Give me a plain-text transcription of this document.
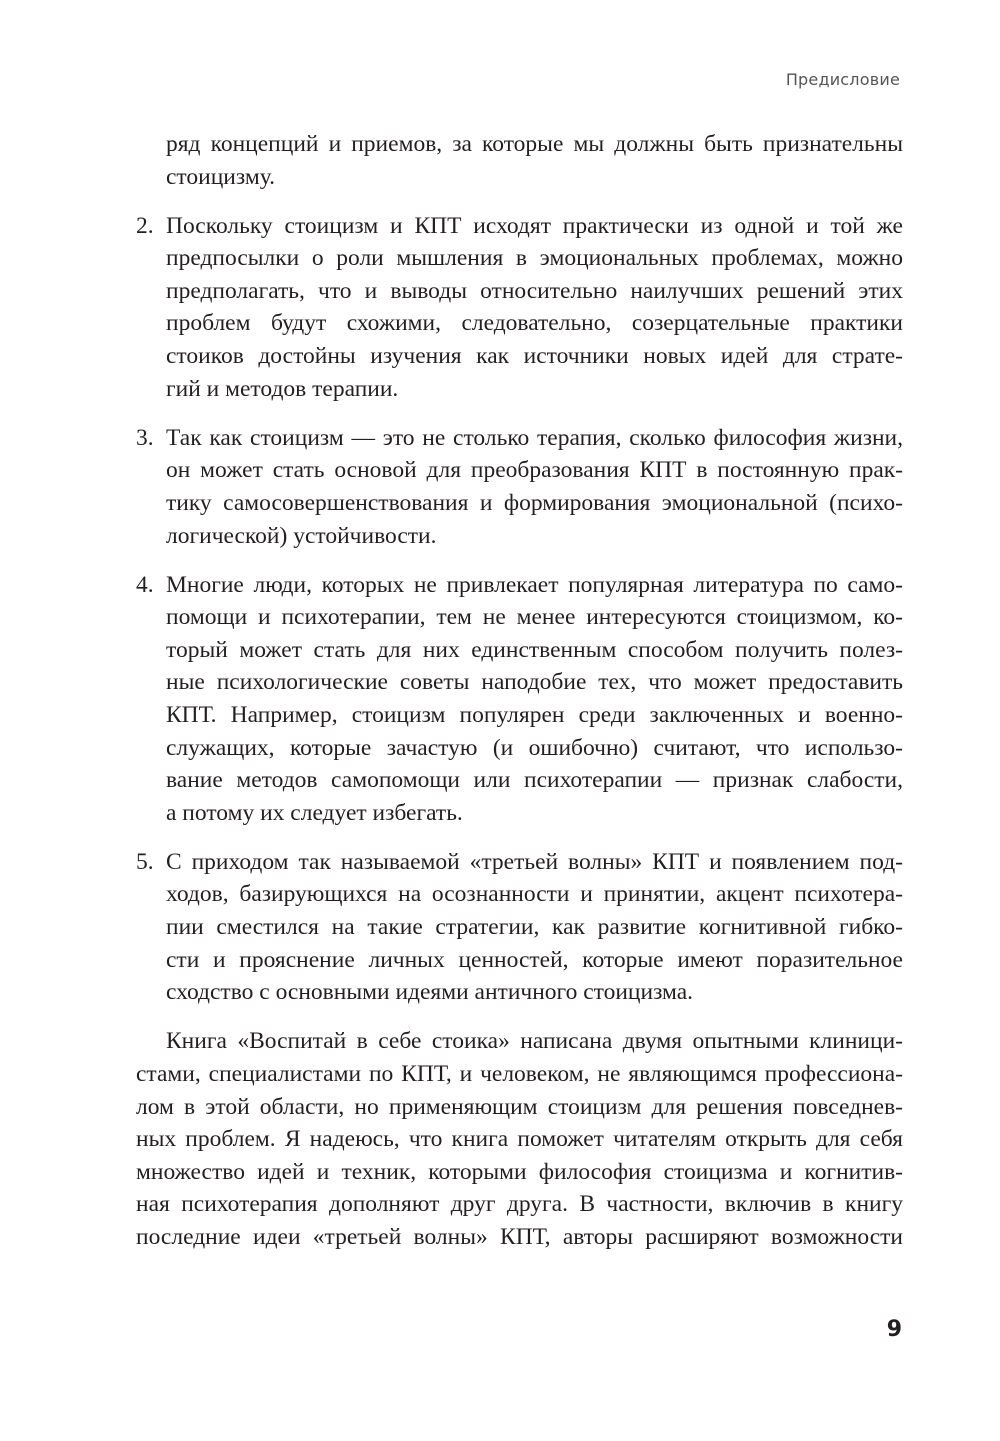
Предисловие
ряд концепций и приемов, за которые мы должны быть признательны
стоицизму.
2. Поскольку стоицизм и КПТ исходят практически из одной и той же
предпосылки о роли мышления в эмоциональных проблемах, можно
предполагать, что и выводы относительно наилучших решений этих
проблем будут схожими, следовательно, созерцательные практики
стоиков достойны изучения как источники новых идей для страте-
гий и методов терапии.
3. Так как стоицизм — это не столько терапия, сколько философия жизни,
он может стать основой для преобразования КПТ в постоянную прак-
тику самосовершенствования и формирования эмоциональной (психо-
логической) устойчивости.
4. Многие люди, которых не привлекает популярная литература по само-
помощи и психотерапии, тем не менее интересуются стоицизмом, ко-
торый может стать для них единственным способом получить полез-
ные психологические советы наподобие тех, что может предоставить
КПТ. Например, стоицизм популярен среди заключенных и военно-
служащих, которые зачастую (и ошибочно) считают, что использо-
вание методов самопомощи или психотерапии — признак слабости,
а потому их следует избегать.
5. С приходом так называемой «третьей волны» КПТ и появлением под-
ходов, базирующихся на осознанности и принятии, акцент психотера-
пии сместился на такие стратегии, как развитие когнитивной гибко-
сти и прояснение личных ценностей, которые имеют поразительное
сходство с основными идеями античного стоицизма.
Книга «Воспитай в себе стоика» написана двумя опытными клиници-
стами, специалистами по КПТ, и человеком, не являющимся профессиона-
лом в этой области, но применяющим стоицизм для решения повседнев-
ных проблем. Я надеюсь, что книга поможет читателям открыть для себя
множество идей и техник, которыми философия стоицизма и когнитив-
ная психотерапия дополняют друг друга. В частности, включив в книгу
последние идеи «третьей волны» КПТ, авторы расширяют возможности
9
